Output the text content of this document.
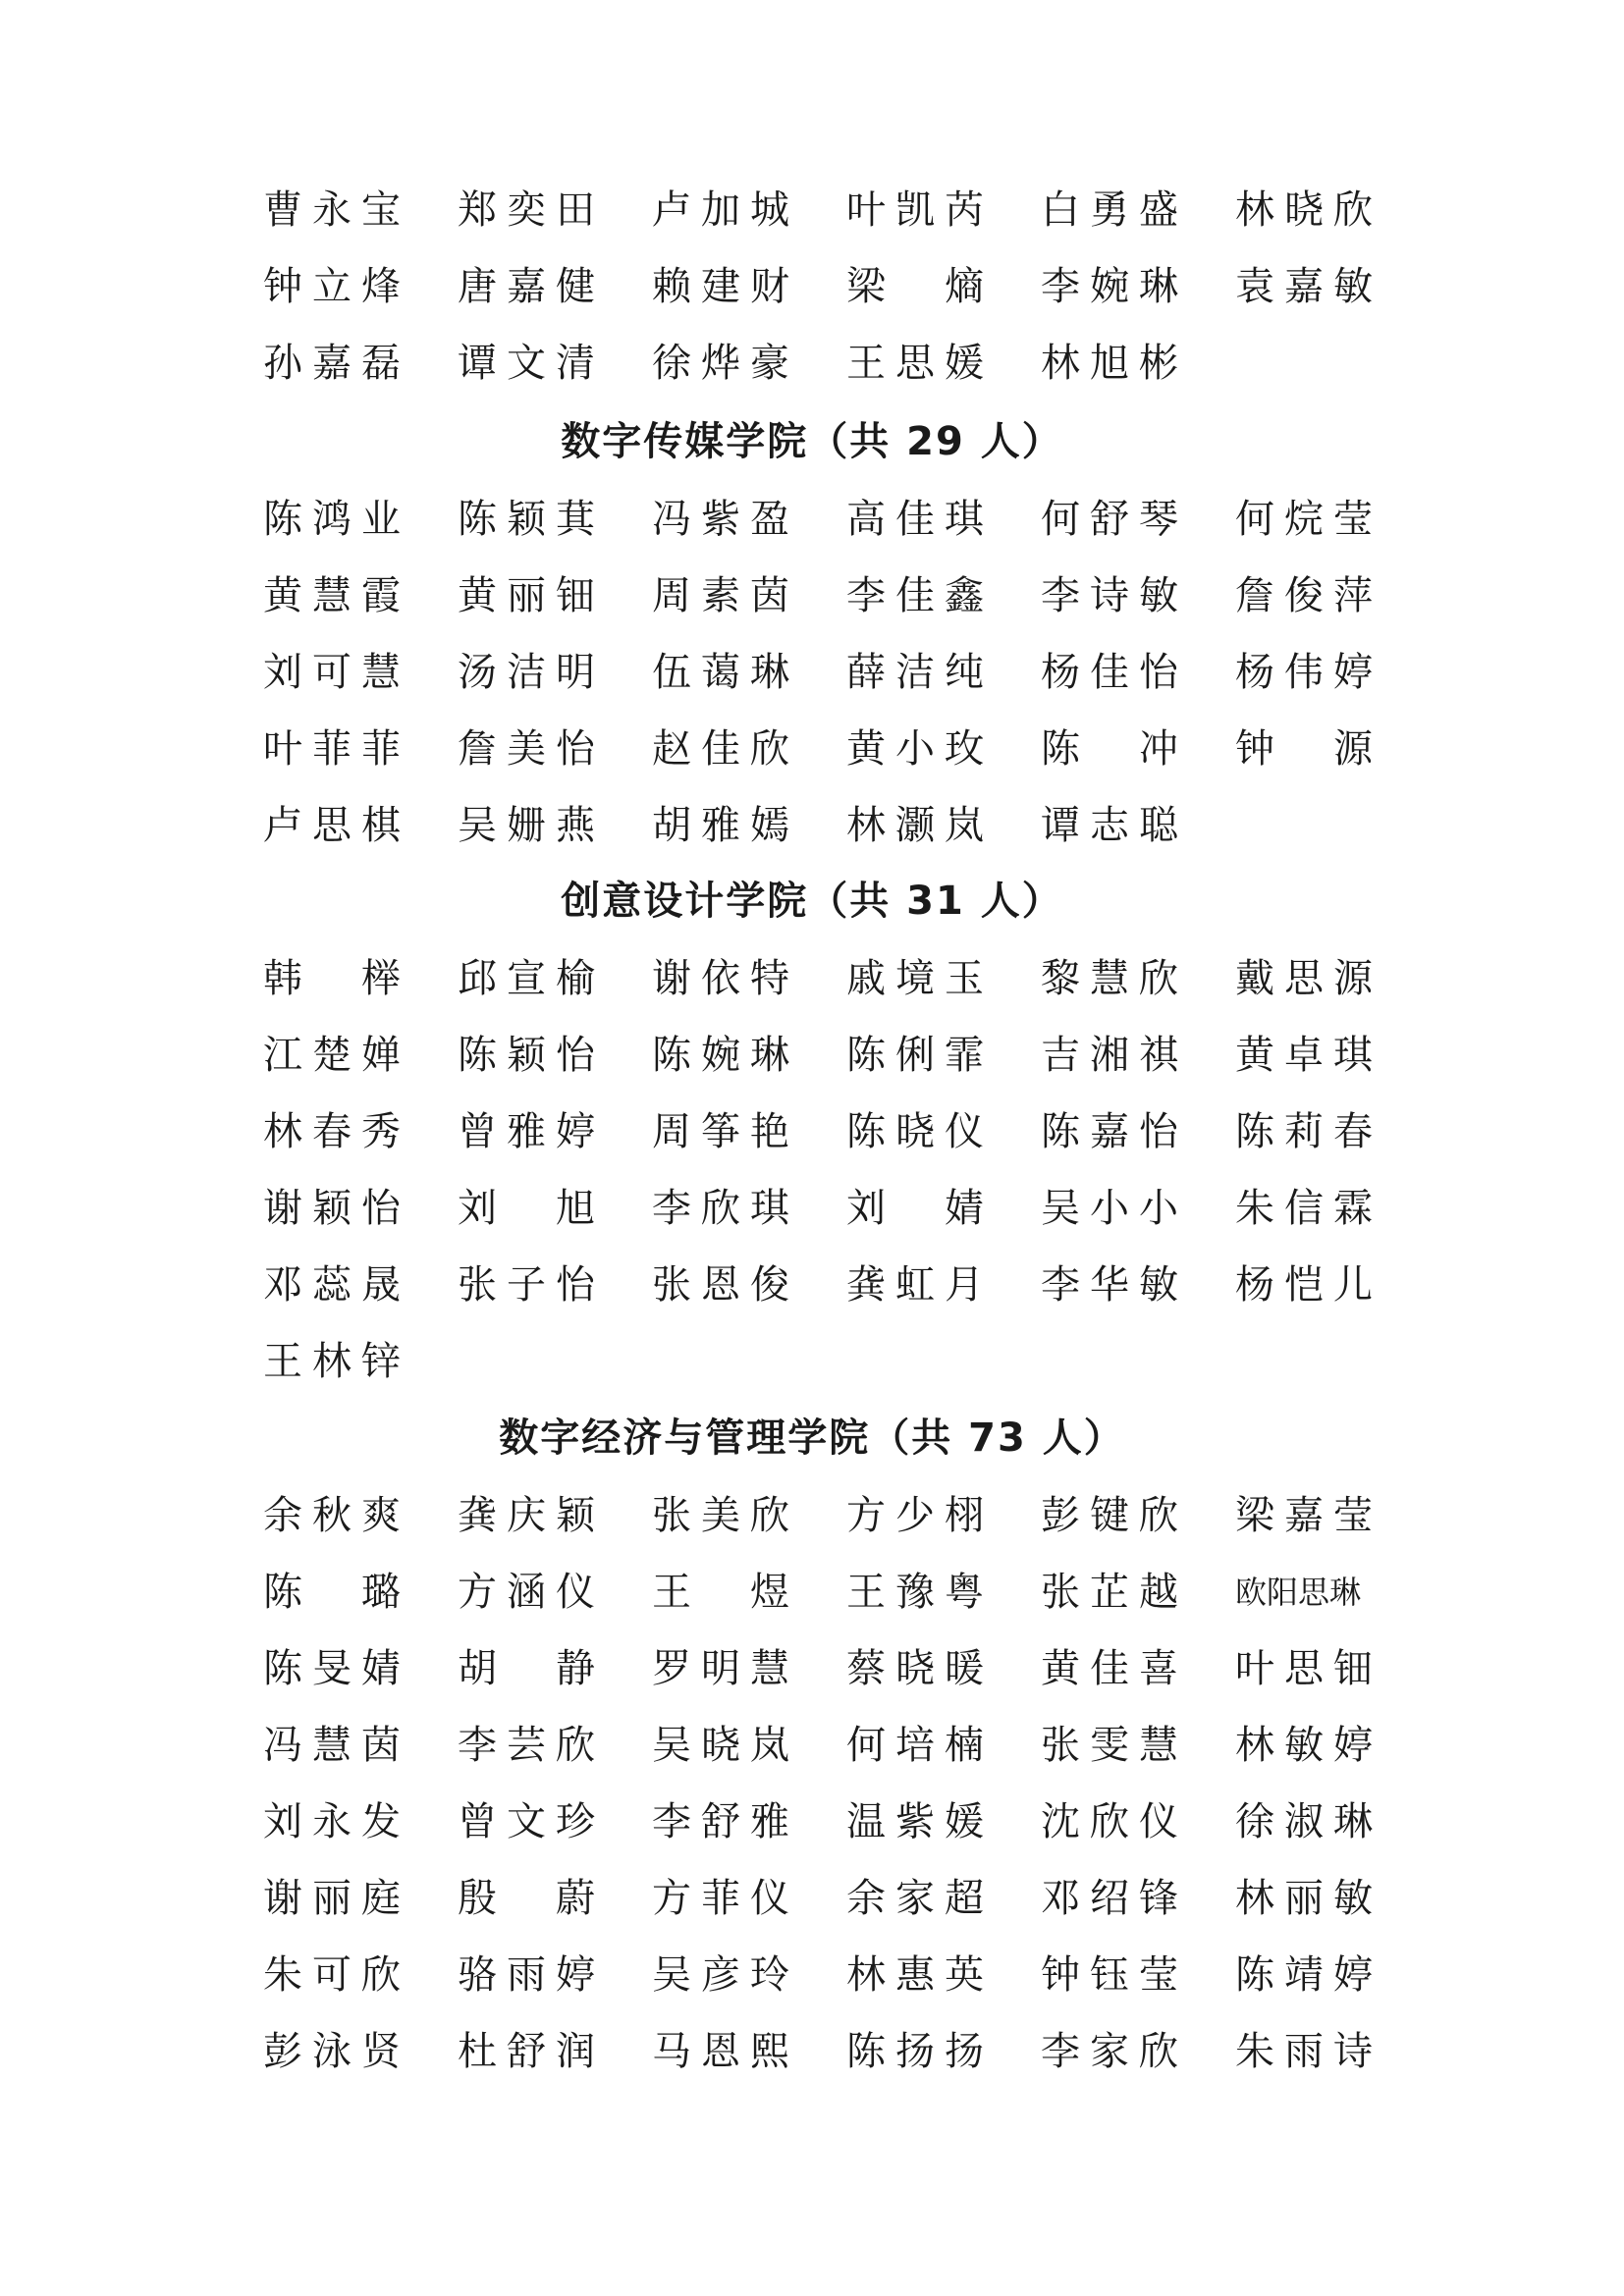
曹永宝 郑奕田 卢加城 叶凯芮 白勇盛 林晓欣
钟立烽 唐嘉健 赖建财 梁 熵 李婉琳 袁嘉敏
孙嘉磊 谭文清 徐烨豪 王思媛 林旭彬
数字传媒学院（共 29 人）
陈鸿业 陈颖萁 冯紫盈 高佳琪 何舒琴 何烷莹
黄慧霞 黄丽钿 周素茵 李佳鑫 李诗敏 詹俊萍
刘可慧 汤洁明 伍蔼琳 薛洁纯 杨佳怡 杨伟婷
叶菲菲 詹美怡 赵佳欣 黄小玫 陈 冲 钟 源
卢思棋 吴姗燕 胡雅嫣 林灏岚 谭志聪
创意设计学院（共 31 人）
韩 榉 邱宣榆 谢依特 戚境玉 黎慧欣 戴思源
江楚婵 陈颖怡 陈婉琳 陈俐霏 吉湘祺 黄卓琪
林春秀 曾雅婷 周筝艳 陈晓仪 陈嘉怡 陈莉春
谢颖怡 刘 旭 李欣琪 刘 婧 吴小小 朱信霖
邓蕊晟 张子怡 张恩俊 龚虹月 李华敏 杨恺儿
王林锌
数字经济与管理学院（共 73 人）
余秋爽 龚庆颖 张美欣 方少栩 彭键欣 梁嘉莹
陈 璐 方涵仪 王 煜 王豫粤 张芷越 欧阳思琳
陈旻婧 胡 静 罗明慧 蔡晓暖 黄佳喜 叶思钿
冯慧茵 李芸欣 吴晓岚 何培楠 张雯慧 林敏婷
刘永发 曾文珍 李舒雅 温紫媛 沈欣仪 徐淑琳
谢丽庭 殷 蔚 方菲仪 余家超 邓绍锋 林丽敏
朱可欣 骆雨婷 吴彦玲 林惠英 钟钰莹 陈靖婷
彭泳贤 杜舒润 马恩熙 陈扬扬 李家欣 朱雨诗
